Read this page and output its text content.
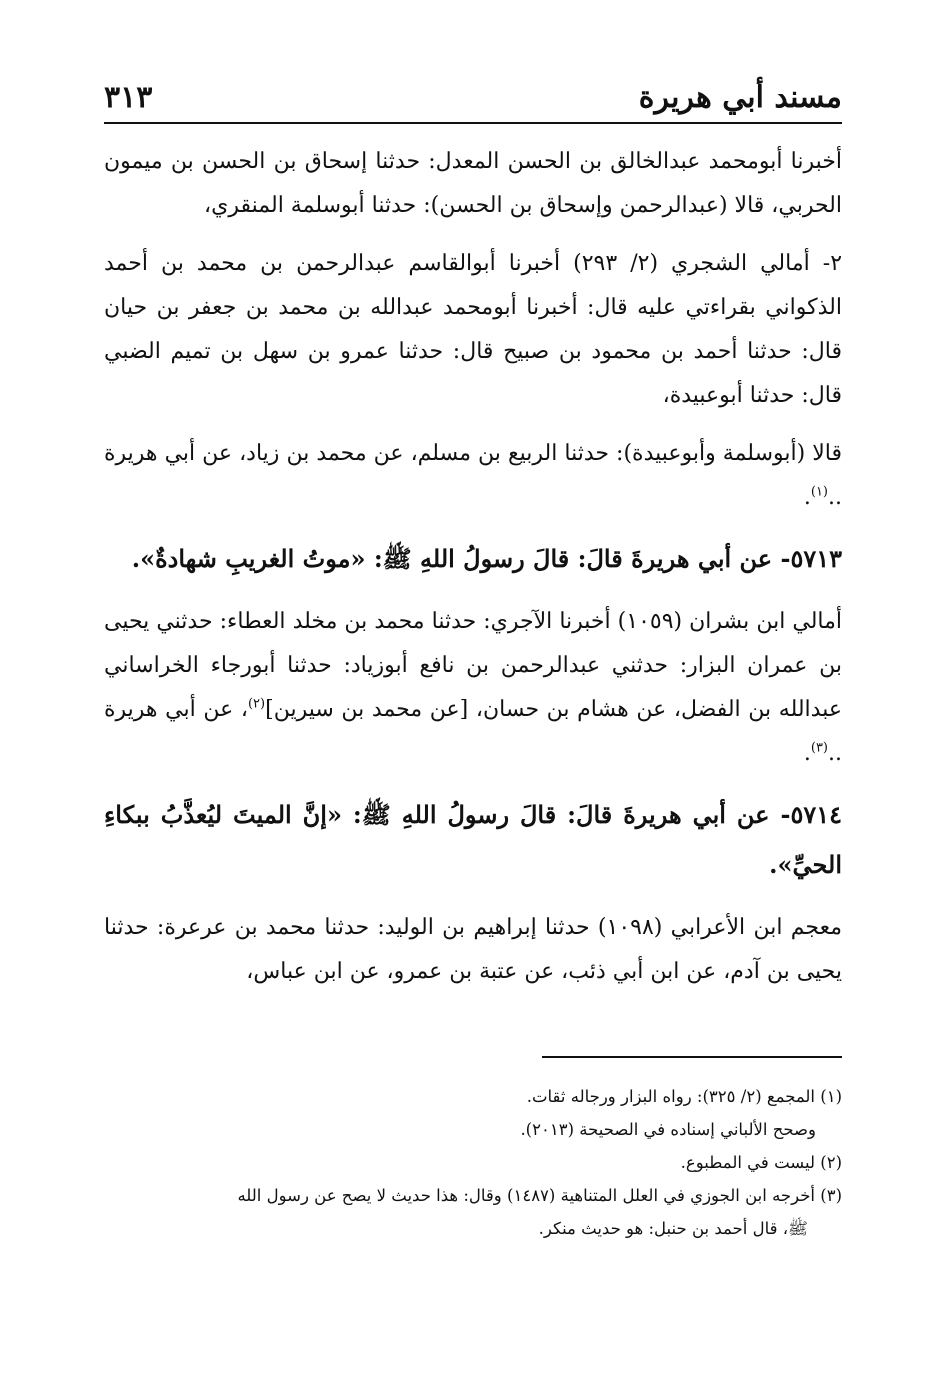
مسند أبي هريرة
٣١٣

أخبرنا أبومحمد عبدالخالق بن الحسن المعدل: حدثنا إسحاق بن الحسن بن ميمون الحربي، قالا (عبدالرحمن وإسحاق بن الحسن): حدثنا أبوسلمة المنقري،

٢- أمالي الشجري (٢/ ٢٩٣) أخبرنا أبوالقاسم عبدالرحمن بن محمد بن أحمد الذكواني بقراءتي عليه قال: أخبرنا أبومحمد عبدالله بن محمد بن جعفر بن حيان قال: حدثنا أحمد بن محمود بن صبيح قال: حدثنا عمرو بن سهل بن تميم الضبي قال: حدثنا أبوعبيدة،

قالا (أبوسلمة وأبوعبيدة): حدثنا الربيع بن مسلم، عن محمد بن زياد، عن أبي هريرة ..$^{(١)}$.

٥٧١٣- عن أبي هريرةَ قالَ: قالَ رسولُ اللهِ ﷺ: «موتُ الغريبِ شهادةٌ».

أمالي ابن بشران (١٠٥٩) أخبرنا الآجري: حدثنا محمد بن مخلد العطاء: حدثني يحيى بن عمران البزار: حدثني عبدالرحمن بن نافع أبوزياد: حدثنا أبورجاء الخراساني عبدالله بن الفضل، عن هشام بن حسان، [عن محمد بن سيرين]$^{(٢)}$، عن أبي هريرة ..$^{(٣)}$.

٥٧١٤- عن أبي هريرةَ قالَ: قالَ رسولُ اللهِ ﷺ: «إنَّ الميتَ ليُعذَّبُ ببكاءِ الحيِّ».

معجم ابن الأعرابي (١٠٩٨) حدثنا إبراهيم بن الوليد: حدثنا محمد بن عرعرة: حدثنا يحيى بن آدم، عن ابن أبي ذئب، عن عتبة بن عمرو، عن ابن عباس،

(١) المجمع (٢/ ٣٢٥): رواه البزار ورجاله ثقات.

وصحح الألباني إسناده في الصحيحة (٢٠١٣).

(٢) ليست في المطبوع.

(٣) أخرجه ابن الجوزي في العلل المتناهية (١٤٨٧) وقال: هذا حديث لا يصح عن رسول الله

ﷺ، قال أحمد بن حنبل: هو حديث منكر.
